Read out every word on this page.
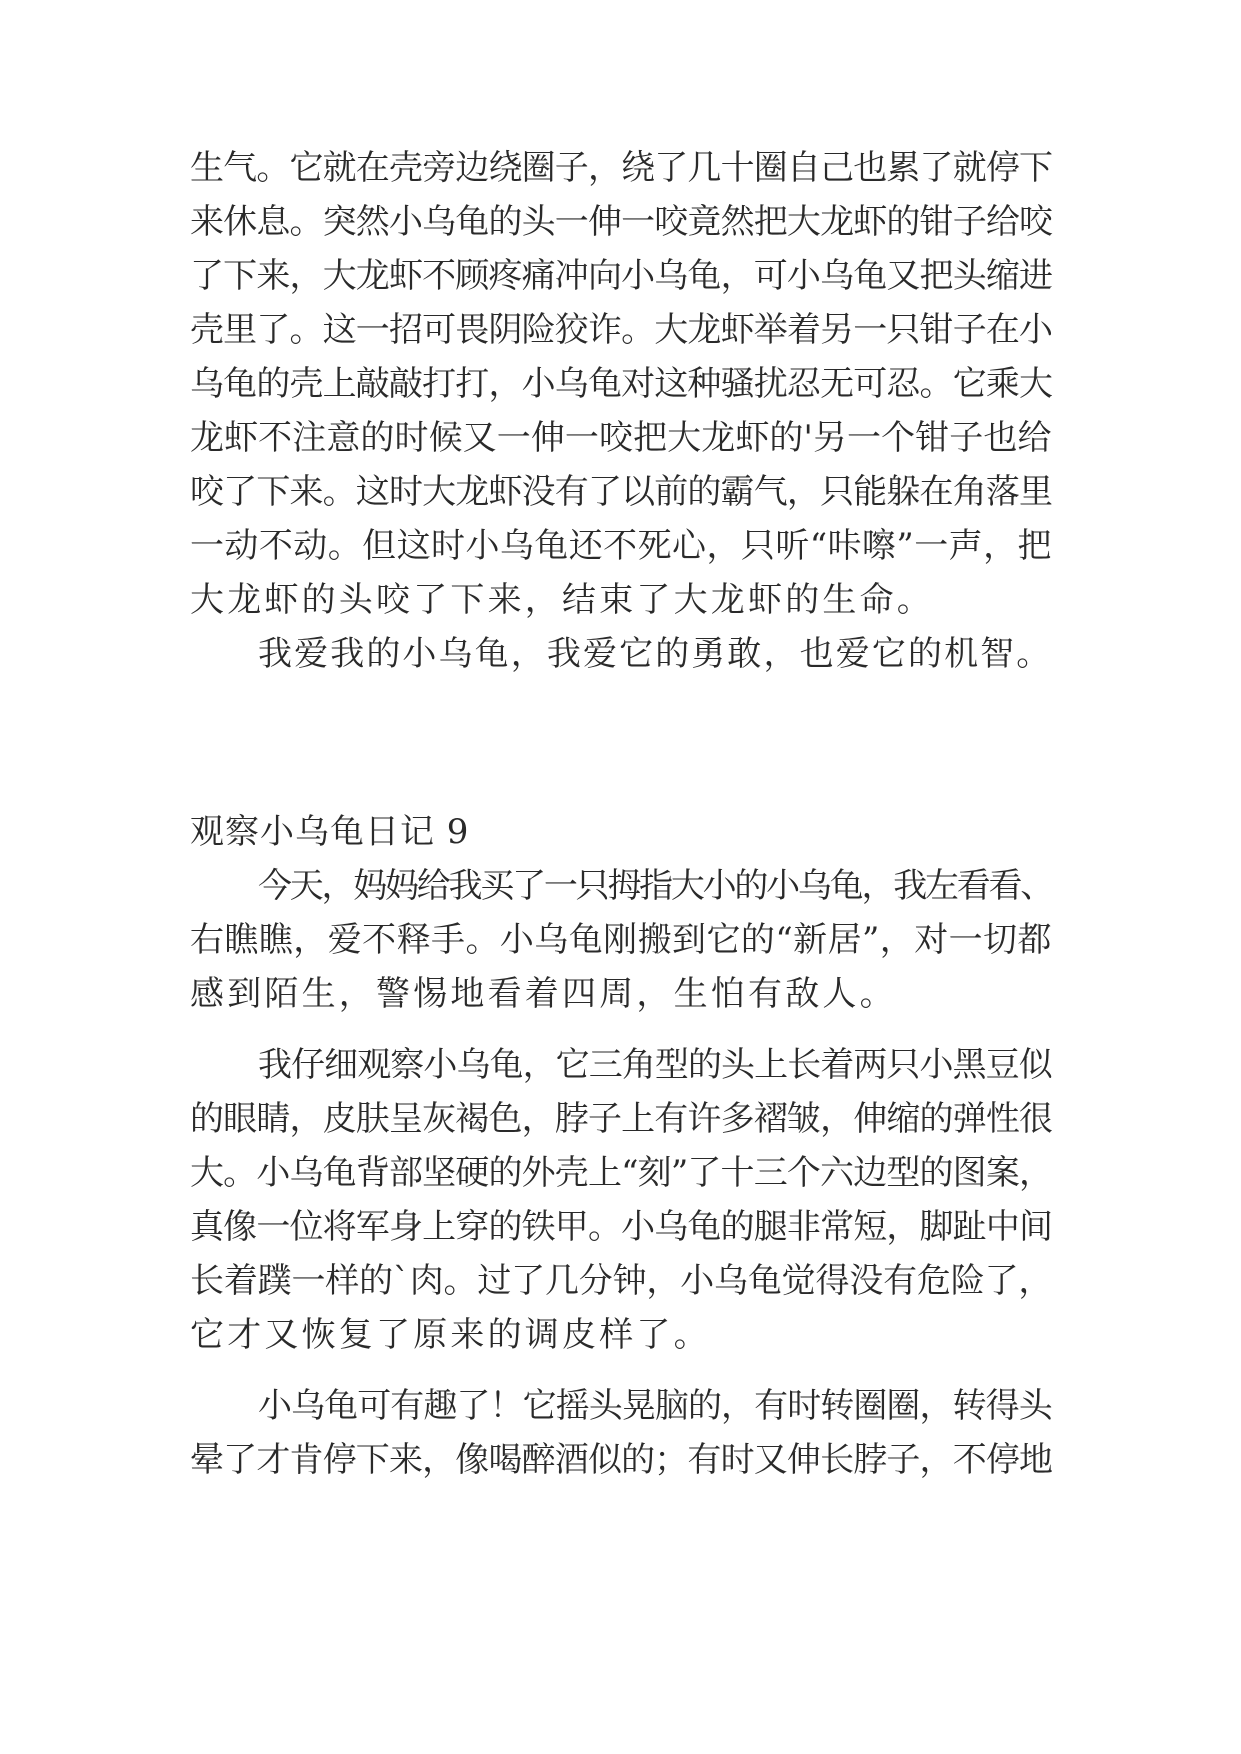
生气。它就在壳旁边绕圈子，绕了几十圈自己也累了就停下
来休息。突然小乌龟的头一伸一咬竟然把大龙虾的钳子给咬
了下来，大龙虾不顾疼痛冲向小乌龟，可小乌龟又把头缩进
壳里了。这一招可畏阴险狡诈。大龙虾举着另一只钳子在小
乌龟的壳上敲敲打打，小乌龟对这种骚扰忍无可忍。它乘大
龙虾不注意的时候又一伸一咬把大龙虾的'另一个钳子也给
咬了下来。这时大龙虾没有了以前的霸气，只能躲在角落里
一动不动。但这时小乌龟还不死心，只听“咔嚓”一声，把
大龙虾的头咬了下来，结束了大龙虾的生命。
我爱我的小乌龟，我爱它的勇敢，也爱它的机智。
观察小乌龟日记 9
今天，妈妈给我买了一只拇指大小的小乌龟，我左看看、
右瞧瞧，爱不释手。小乌龟刚搬到它的“新居”，对一切都
感到陌生，警惕地看着四周，生怕有敌人。
我仔细观察小乌龟，它三角型的头上长着两只小黑豆似
的眼睛，皮肤呈灰褐色，脖子上有许多褶皱，伸缩的弹性很
大。小乌龟背部坚硬的外壳上“刻”了十三个六边型的图案，
真像一位将军身上穿的铁甲。小乌龟的腿非常短，脚趾中间
长着蹼一样的`肉。过了几分钟，小乌龟觉得没有危险了，
它才又恢复了原来的调皮样了。
小乌龟可有趣了！它摇头晃脑的，有时转圈圈，转得头
晕了才肯停下来，像喝醉酒似的；有时又伸长脖子，不停地
